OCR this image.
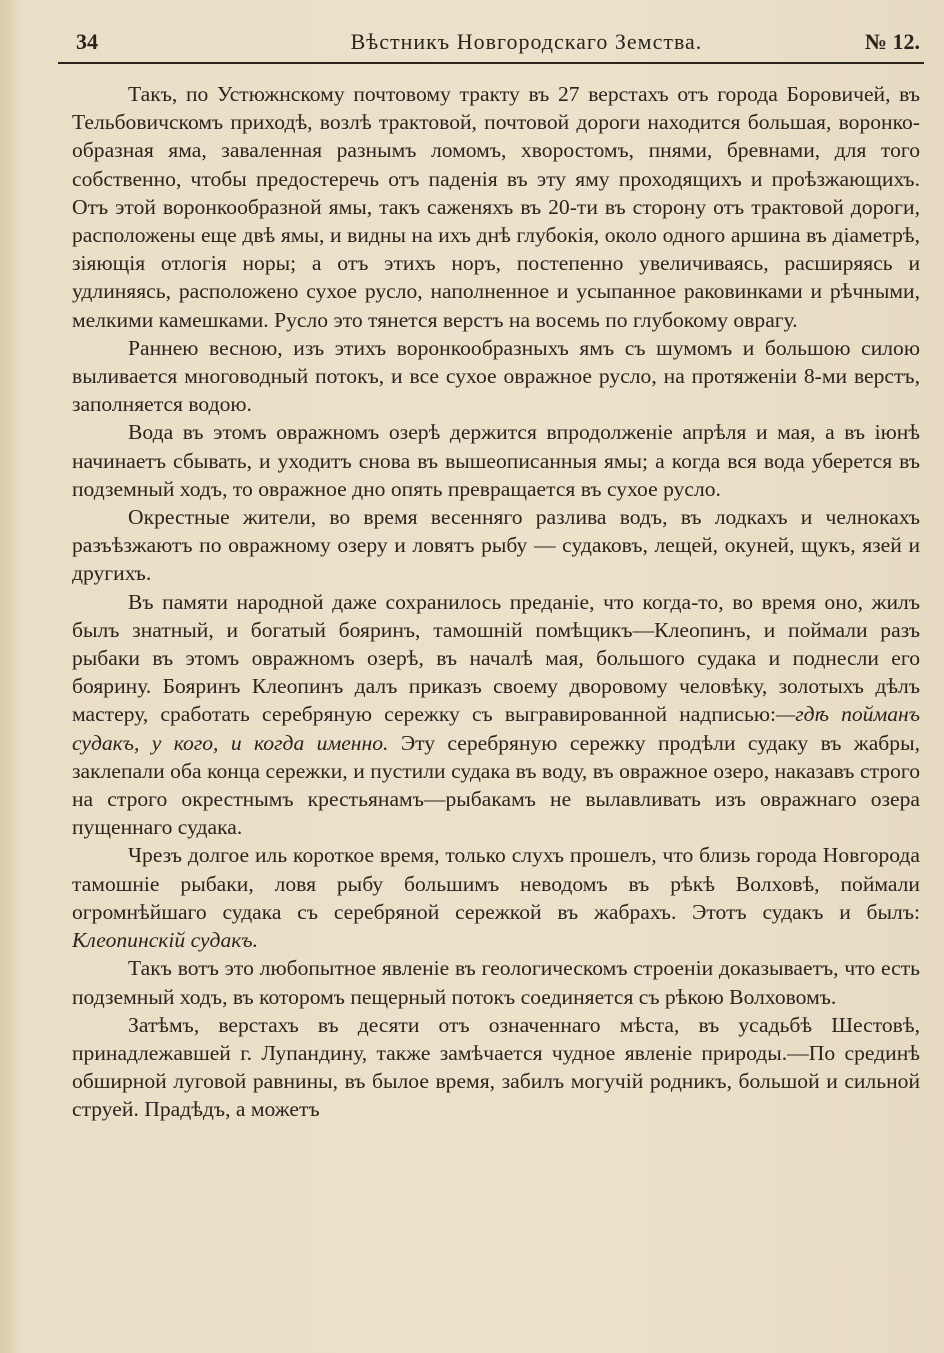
34	Вѣстникъ Новгородскаго Земства.	№ 12.

Такъ, по Устюжнскому почтовому тракту въ 27 верстахъ отъ города Боровичей, въ Тельбовичскомъ приходѣ, возлѣ трактовой, почтовой дороги находится большая, воронко-образная яма, заваленная разнымъ ломомъ, хворостомъ, пнями, бревнами, для того собственно, чтобы предостеречь отъ паденія въ эту яму проходящихъ и проѣзжающихъ. Отъ этой воронкообразной ямы, такъ саженяхъ въ 20-ти въ сторону отъ трактовой дороги, расположены еще двѣ ямы, и видны на ихъ днѣ глубокія, около одного аршина въ діаметрѣ, зіяющія отлогія норы; а отъ этихъ норъ, постепенно увеличиваясь, расширяясь и удлиняясь, расположено сухое русло, наполненное и усыпанное раковинками и рѣчными, мелкими камешками. Русло это тянется верстъ на восемь по глубокому оврагу.

Раннею весною, изъ этихъ воронкообразныхъ ямъ съ шумомъ и большою силою выливается многоводный потокъ, и все сухое овражное русло, на протяженіи 8-ми верстъ, заполняется водою.

Вода въ этомъ овражномъ озерѣ держится впродолженіе апрѣля и мая, а въ іюнѣ начинаетъ сбывать, и уходитъ снова въ вышеописанныя ямы; а когда вся вода уберется въ подземный ходъ, то овражное дно опять превращается въ сухое русло.

Окрестные жители, во время весенняго разлива водъ, въ лодкахъ и челнокахъ разъѣзжаютъ по овражному озеру и ловятъ рыбу — судаковъ, лещей, окуней, щукъ, язей и другихъ.

Въ памяти народной даже сохранилось преданіе, что когда-то, во время оно, жилъ былъ знатный, и богатый бояринъ, тамошній помѣщикъ—Клеопинъ, и поймали разъ рыбаки въ этомъ овражномъ озерѣ, въ началѣ мая, большого судака и поднесли его боярину. Бояринъ Клеопинъ далъ приказъ своему дворовому человѣку, золотыхъ дѣлъ мастеру, сработать серебряную сережку съ выгравированной надписью:—гдѣ пойманъ судакъ, у кого, и когда именно. Эту серебряную сережку продѣли судаку въ жабры, заклепали оба конца сережки, и пустили судака въ воду, въ овражное озеро, наказавъ строго на строго окрестнымъ крестьянамъ—рыбакамъ не вылавливать изъ овражнаго озера пущеннаго судака.

Чрезъ долгое иль короткое время, только слухъ прошелъ, что близь города Новгорода тамошніе рыбаки, ловя рыбу большимъ неводомъ въ рѣкѣ Волховѣ, поймали огромнѣйшаго судака съ серебряной сережкой въ жабрахъ. Этотъ судакъ и былъ: Клеопинскій судакъ.

Такъ вотъ это любопытное явленіе въ геологическомъ строеніи доказываетъ, что есть подземный ходъ, въ которомъ пещерный потокъ соединяется съ рѣкою Волховомъ.

Затѣмъ, верстахъ въ десяти отъ означеннаго мѣста, въ усадьбѣ Шестовѣ, принадлежавшей г. Лупандину, также замѣчается чудное явленіе природы.—По срединѣ обширной луговой равнины, въ былое время, забилъ могучій родникъ, большой и сильной струей. Прадѣдъ, а можетъ
